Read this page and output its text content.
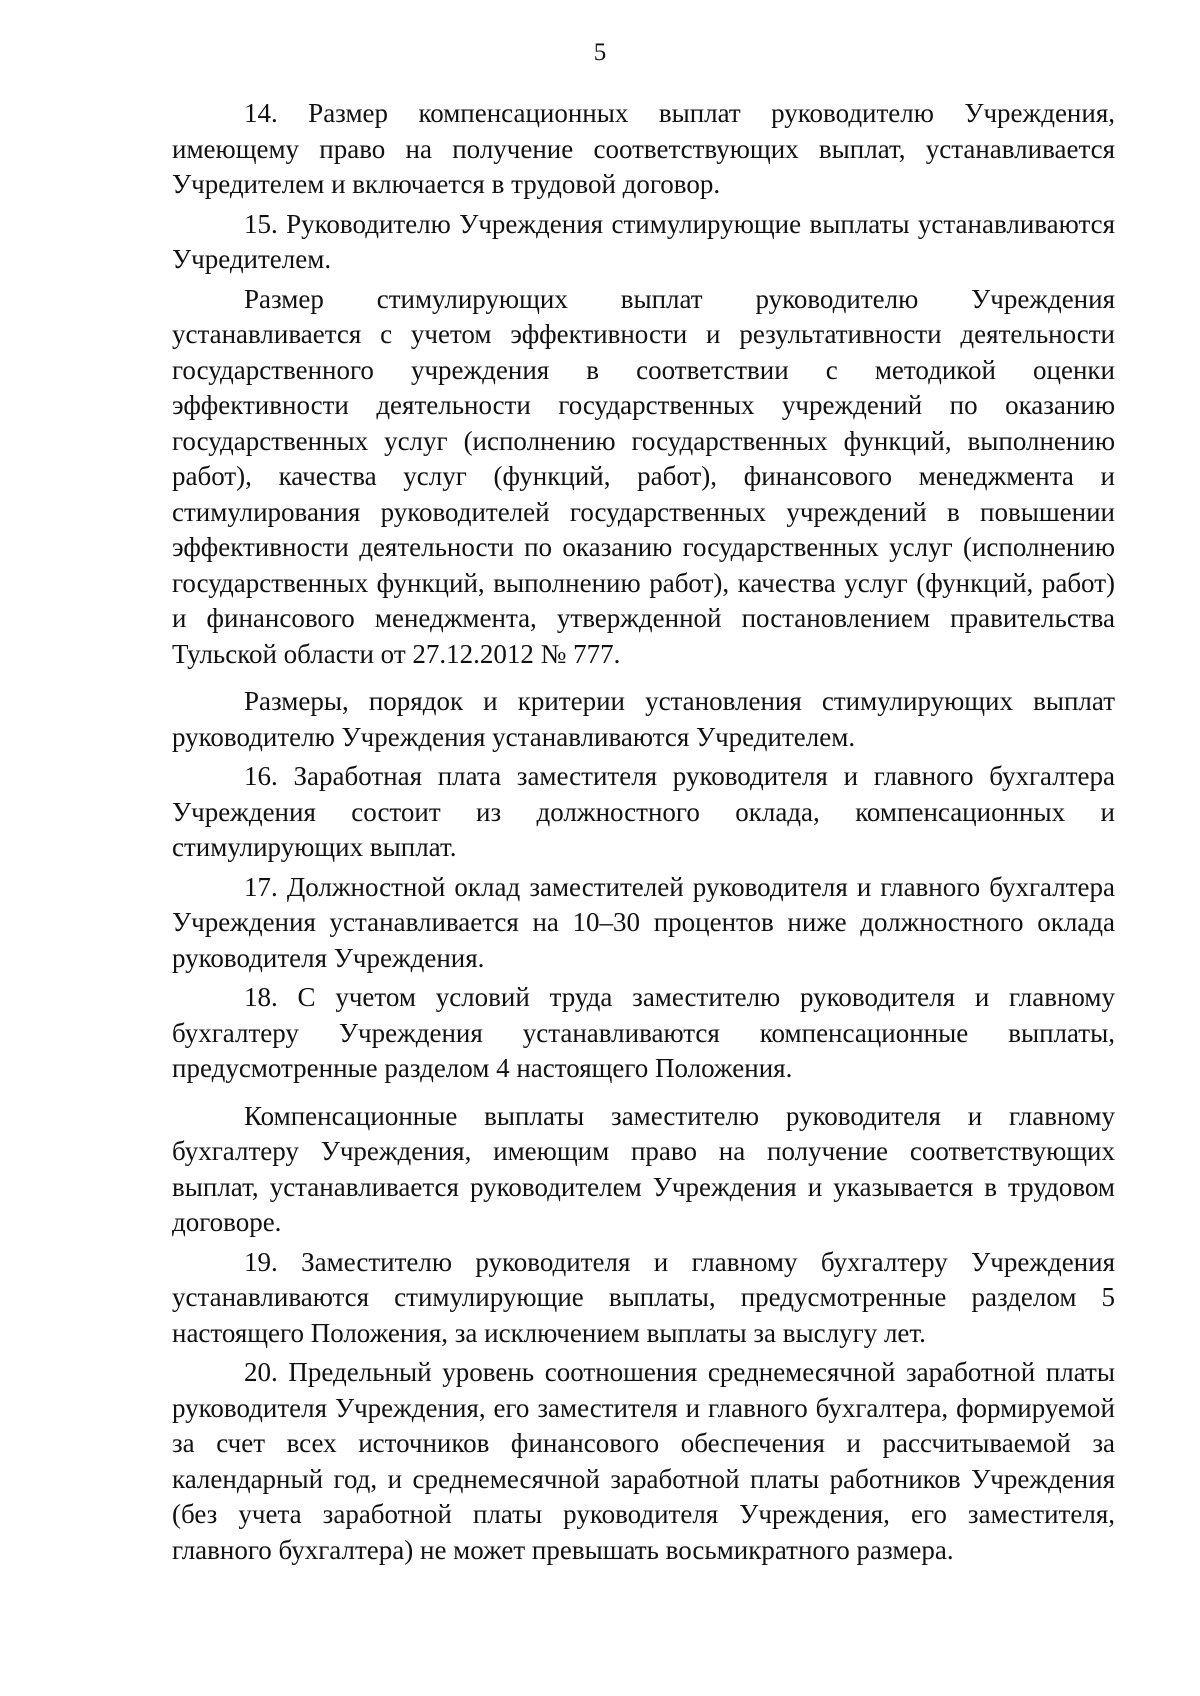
5

14. Размер компенсационных выплат руководителю Учреждения, имеющему право на получение соответствующих выплат, устанавливается Учредителем и включается в трудовой договор.

15. Руководителю Учреждения стимулирующие выплаты устанавливаются Учредителем.

Размер стимулирующих выплат руководителю Учреждения устанавливается с учетом эффективности и результативности деятельности государственного учреждения в соответствии с методикой оценки эффективности деятельности государственных учреждений по оказанию государственных услуг (исполнению государственных функций, выполнению работ), качества услуг (функций, работ), финансового менеджмента и стимулирования руководителей государственных учреждений в повышении эффективности деятельности по оказанию государственных услуг (исполнению государственных функций, выполнению работ), качества услуг (функций, работ) и финансового менеджмента, утвержденной постановлением правительства Тульской области от 27.12.2012 № 777.

Размеры, порядок и критерии установления стимулирующих выплат руководителю Учреждения устанавливаются Учредителем.

16. Заработная плата заместителя руководителя и главного бухгалтера Учреждения состоит из должностного оклада, компенсационных и стимулирующих выплат.

17. Должностной оклад заместителей руководителя и главного бухгалтера Учреждения устанавливается на 10–30 процентов ниже должностного оклада руководителя Учреждения.

18. С учетом условий труда заместителю руководителя и главному бухгалтеру Учреждения устанавливаются компенсационные выплаты, предусмотренные разделом 4 настоящего Положения.

Компенсационные выплаты заместителю руководителя и главному бухгалтеру Учреждения, имеющим право на получение соответствующих выплат, устанавливается руководителем Учреждения и указывается в трудовом договоре.

19. Заместителю руководителя и главному бухгалтеру Учреждения устанавливаются стимулирующие выплаты, предусмотренные разделом 5 настоящего Положения, за исключением выплаты за выслугу лет.

20. Предельный уровень соотношения среднемесячной заработной платы руководителя Учреждения, его заместителя и главного бухгалтера, формируемой за счет всех источников финансового обеспечения и рассчитываемой за календарный год, и среднемесячной заработной платы работников Учреждения (без учета заработной платы руководителя Учреждения, его заместителя, главного бухгалтера) не может превышать восьмикратного размера.
